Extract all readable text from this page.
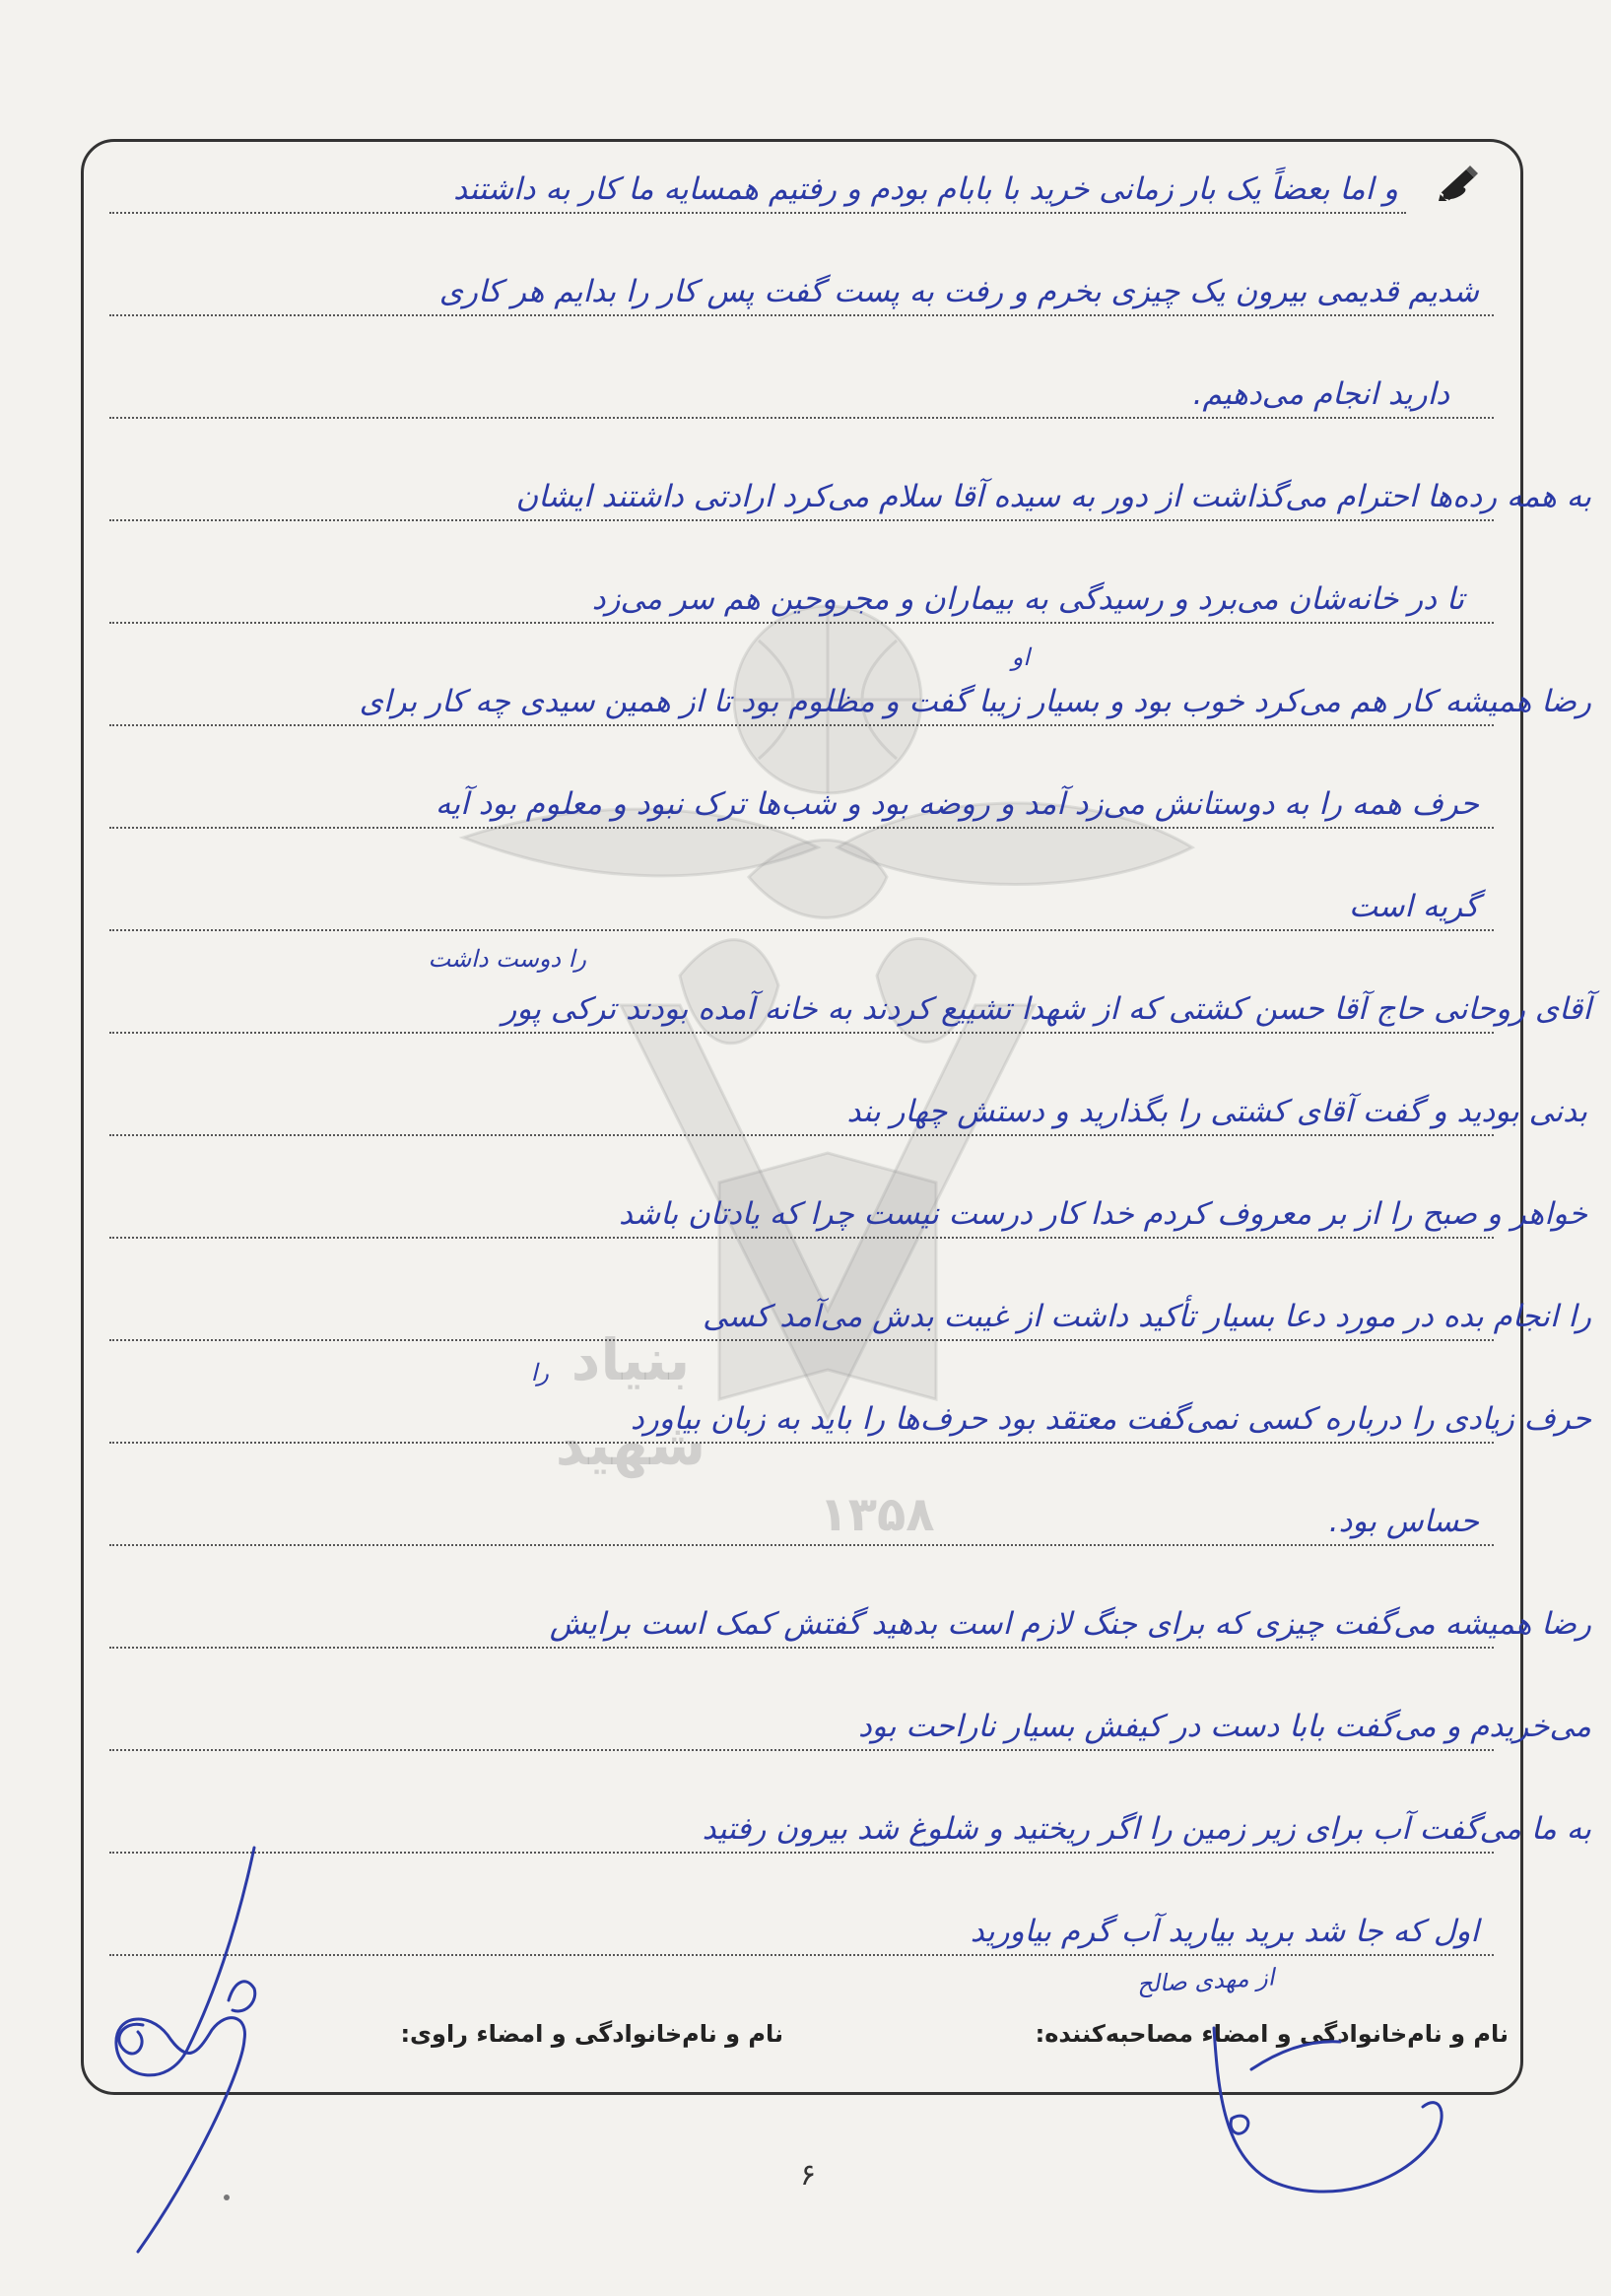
بنیاد
شهید
۱۳۵۸
و اما بعضاً یک بار زمانی خرید با بابام بودم و رفتیم همسایه ما کار به داشتند
شدیم قدیمی بیرون یک چیزی بخرم و رفت به پست گفت پس کار را بدایم هر کاری
دارید انجام می‌دهیم.
به همه رده‌ها احترام می‌گذاشت از دور به سیده آقا سلام می‌کرد ارادتی داشتند ایشان
تا در خانه‌شان می‌برد و رسیدگی به بیماران و مجروحین هم سر می‌زد
رضا همیشه کار هم می‌کرد خوب بود و بسیار زیبا گفت و مظلوم بود تا از همین سیدی چه کار برای
حرف همه را به دوستانش می‌زد آمد و روضه بود و شب‌ها ترک نبود و معلوم بود آیه
گریه است
آقای روحانی حاج آقا حسن کشتی که از شهدا تشییع کردند به خانه آمده بودند ترکی پور
بدنی بودید و گفت آقای کشتی را بگذارید و دستش چهار بند
خواهر و صبح را از بر معروف کردم خدا کار درست نیست چرا که یادتان باشد
را انجام بده در مورد دعا بسیار تأکید داشت از غیبت بدش می‌آمد کسی
حرف زیادی را درباره کسی نمی‌گفت معتقد بود حرف‌ها را باید به زبان بیاورد
حساس بود.
رضا همیشه می‌گفت چیزی که برای جنگ لازم است بدهید گفتش کمک است برایش
می‌خریدم و می‌گفت بابا دست در کیفش بسیار ناراحت بود
به ما می‌گفت آب برای زیر زمین را اگر ریختید و شلوغ شد بیرون رفتید
اول که جا شد برید بیارید آب گرم بیاورید
او
را دوست داشت
را
از مهدی صالح
نام و نام‌خانوادگی و امضاء مصاحبه‌کننده:
نام و نام‌خانوادگی و امضاء راوی:
۶
